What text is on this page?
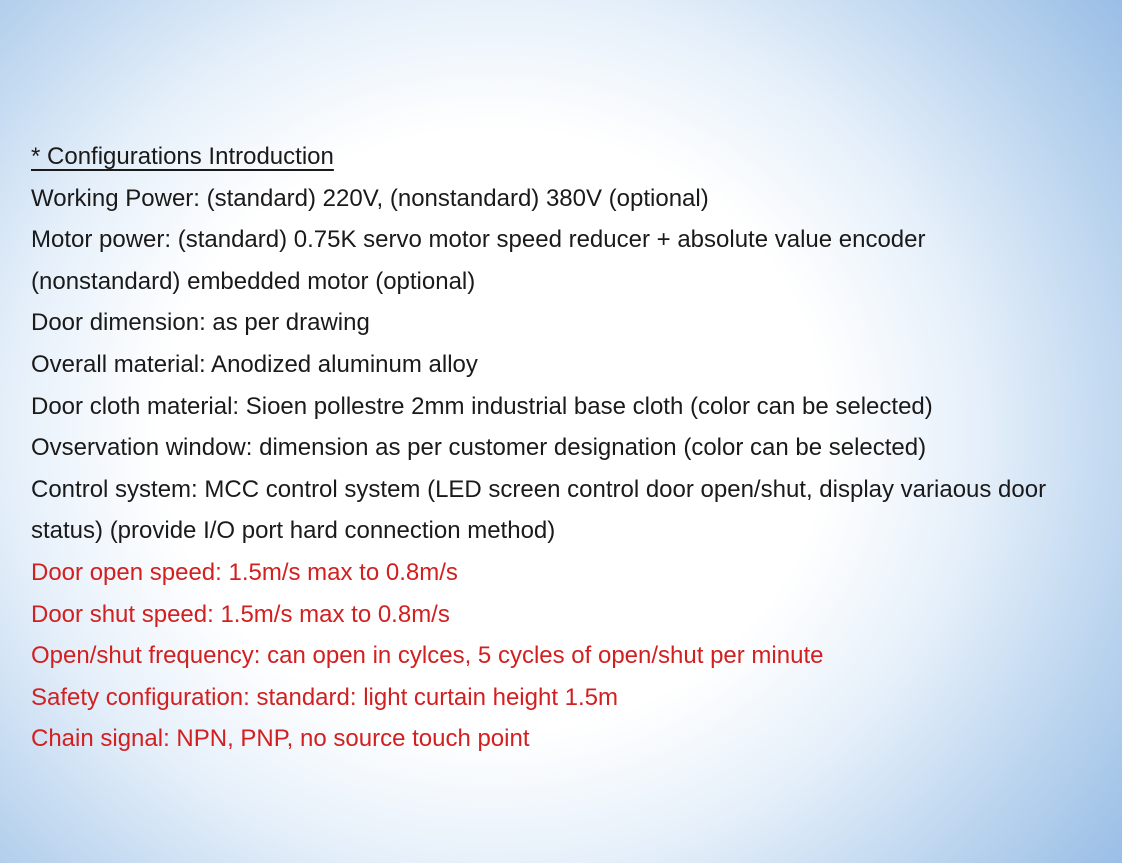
* Configurations Introduction
Working Power: (standard) 220V, (nonstandard) 380V (optional)
Motor power: (standard) 0.75K servo motor speed reducer + absolute value encoder
(nonstandard) embedded motor (optional)
Door dimension: as per drawing
Overall material: Anodized aluminum alloy
Door cloth material: Sioen pollestre 2mm industrial base cloth (color can be selected)
Ovservation window: dimension as per customer designation (color can be selected)
Control system: MCC control system (LED screen control door open/shut, display variaous door
status) (provide I/O port hard connection method)
Door open speed: 1.5m/s max to 0.8m/s
Door shut speed: 1.5m/s max to 0.8m/s
Open/shut frequency: can open in cylces, 5 cycles of open/shut per minute
Safety configuration: standard: light curtain height 1.5m
Chain signal: NPN, PNP, no source touch point
